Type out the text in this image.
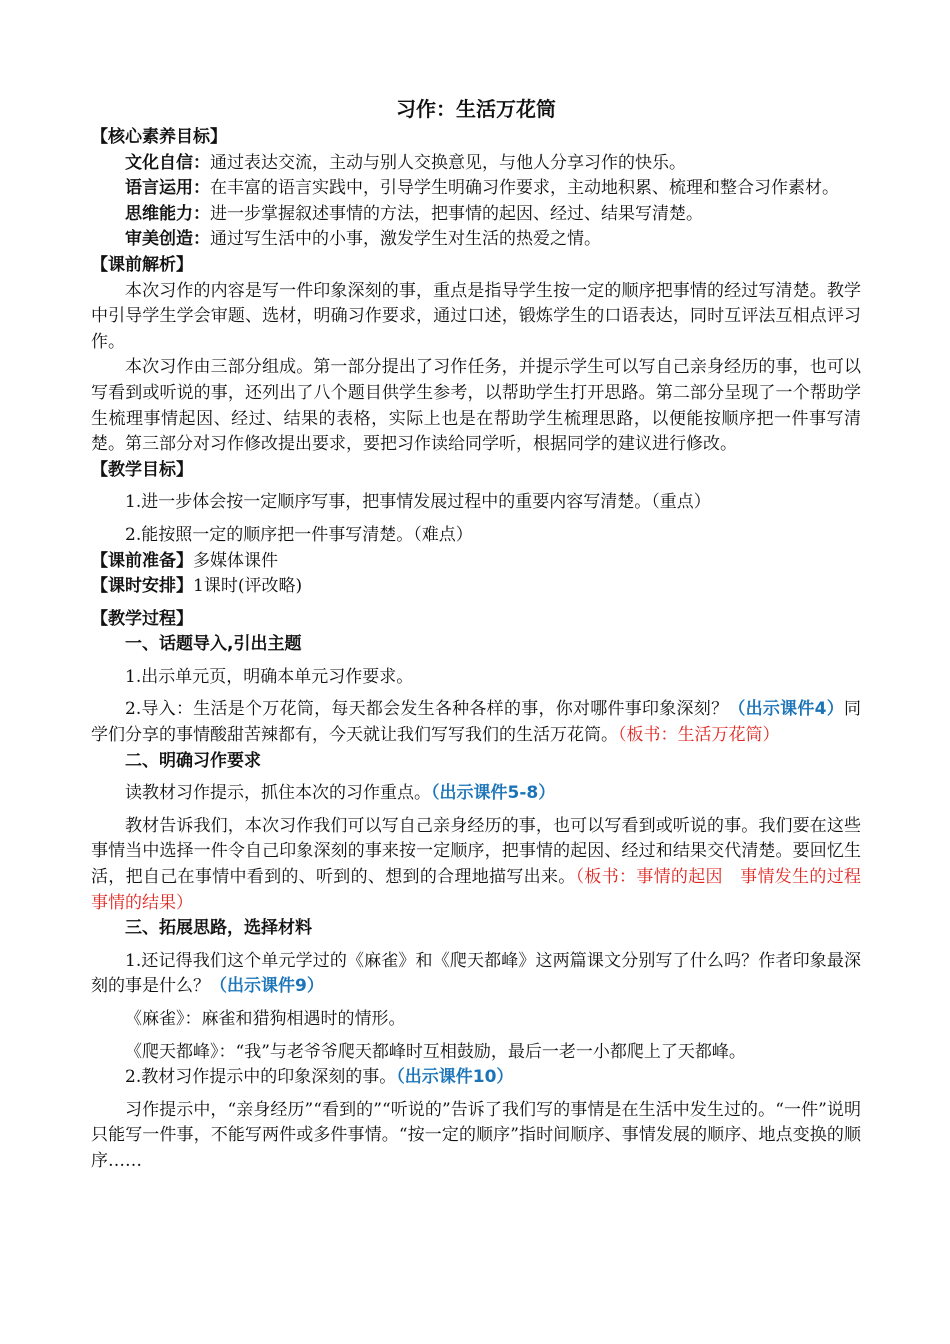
习作：生活万花筒
【核心素养目标】

文化自信：通过表达交流，主动与别人交换意见，与他人分享习作的快乐。

语言运用：在丰富的语言实践中，引导学生明确习作要求，主动地积累、梳理和整合习作素材。

思维能力：进一步掌握叙述事情的方法，把事情的起因、经过、结果写清楚。

审美创造：通过写生活中的小事，激发学生对生活的热爱之情。

【课前解析】

本次习作的内容是写一件印象深刻的事，重点是指导学生按一定的顺序把事情的经过写清楚。教学中引导学生学会审题、选材，明确习作要求，通过口述，锻炼学生的口语表达，同时互评法互相点评习作。

本次习作由三部分组成。第一部分提出了习作任务，并提示学生可以写自己亲身经历的事，也可以写看到或听说的事，还列出了八个题目供学生参考，以帮助学生打开思路。第二部分呈现了一个帮助学生梳理事情起因、经过、结果的表格，实际上也是在帮助学生梳理思路，以便能按顺序把一件事写清楚。第三部分对习作修改提出要求，要把习作读给同学听，根据同学的建议进行修改。

【教学目标】

1.进一步体会按一定顺序写事，把事情发展过程中的重要内容写清楚。（重点）

2.能按照一定的顺序把一件事写清楚。（难点）

【课前准备】多媒体课件
【课时安排】1课时(评改略)
【教学过程】

一、话题导入,引出主题

1.出示单元页，明确本单元习作要求。

2.导入：生活是个万花筒，每天都会发生各种各样的事，你对哪件事印象深刻？（出示课件4）同学们分享的事情酸甜苦辣都有，今天就让我们写写我们的生活万花筒。（板书：生活万花筒）

二、明确习作要求

读教材习作提示，抓住本次的习作重点。（出示课件5-8）

教材告诉我们，本次习作我们可以写自己亲身经历的事，也可以写看到或听说的事。我们要在这些事情当中选择一件令自己印象深刻的事来按一定顺序，把事情的起因、经过和结果交代清楚。要回忆生活，把自己在事情中看到的、听到的、想到的合理地描写出来。（板书：事情的起因　事情发生的过程　事情的结果）

三、拓展思路，选择材料

1.还记得我们这个单元学过的《麻雀》和《爬天都峰》这两篇课文分别写了什么吗？作者印象最深刻的事是什么？（出示课件9）

《麻雀》：麻雀和猎狗相遇时的情形。

《爬天都峰》：“我”与老爷爷爬天都峰时互相鼓励，最后一老一小都爬上了天都峰。

2.教材习作提示中的印象深刻的事。（出示课件10）

习作提示中，“亲身经历”“看到的”“听说的”告诉了我们写的事情是在生活中发生过的。“一件”说明只能写一件事，不能写两件或多件事情。“按一定的顺序”指时间顺序、事情发展的顺序、地点变换的顺序……
